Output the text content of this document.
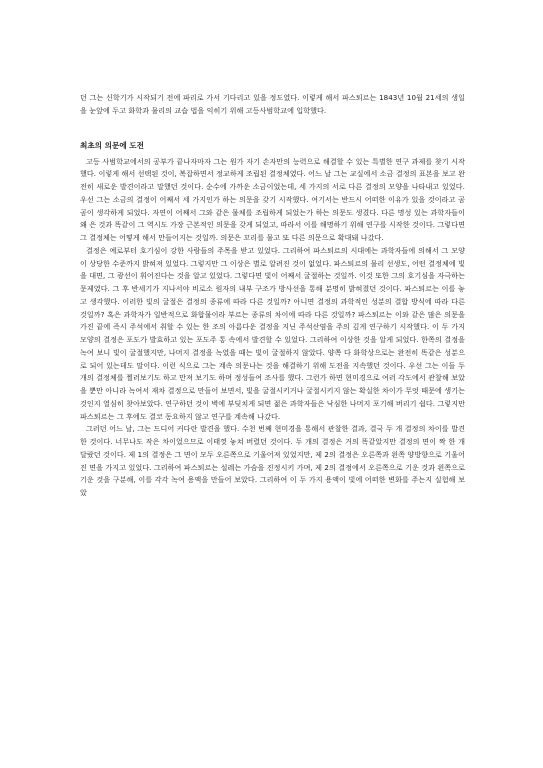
던 그는 신학기가 시작되기 전에 파리로 가서 기다리고 있을 정도였다. 이렇게 해서 파스퇴르는 1843년 10월 21세의 생일을 눈앞에 두고 화학과 물리의 교습 법을 익히기 위해 고등사범학교에 입학했다.

최초의 의문에 도전

고등 사범학교에서의 공부가 끝나자마자 그는 원가 자기 손자만의 능력으로 해결할 수 있는 특별한 연구 과제를 찾기 시작했다. 이렇게 해서 선택된 것이, 복잡하면서 정교하게 조립된 결정체였다. 어느 날 그는 교실에서 소금 결정의 표본을 보고 완전히 새로운 발견이라고 말했던 것이다. 순수에 가까운 소금이었는데, 세 가지의 서로 다른 결정의 모양을 나타내고 있었다. 우선 그는 소금의 결정이 어째서 세 가지인가 하는 의문을 갖기 시작했다. 여기서는 반드시 어떠한 이유가 있을 것이라고 곰곰이 생각하게 되었다. 자연이 어째서 그와 같은 물체를 조립하게 되었는가 하는 의문도 생겼다. 다른 명성 있는 과학자들이 왜 은 것과 똑같이 그 역시도 가장 근본적인 의문을 갖게 되었고, 따라서 이를 해명하기 위해 연구를 시작한 것이다. 그렇다면 그 결정체는 어떻게 해서 만들어지는 것일까. 의문은 꼬리를 물고 또 다른 의문으로 확대돼 나갔다.

결정은 예로부터 호기심이 강한 사람들의 주목을 받고 있었다. 그리하여 파스퇴르의 시대에는 과학자들에 의해서 그 모양이 상당한 수준까지 밝혀져 있었다. 그렇지만 그 이상은 별로 알려진 것이 없었다. 파스퇴르의 물리 선생도, 어떤 결정체에 빛을 대면, 그 광선이 휘어진다는 것을 알고 있었다. 그렇다면 빛이 어째서 굴절하는 것일까. 이것 또한 그의 호기심을 자극하는 문제였다. 그 후 반세기가 지나서야 비로소 원자의 내부 구조가 방사선을 통해 분명히 밝혀졌던 것이다. 파스퇴르는 이를 놓고 생각했다. 이러한 빛의 굴절은 결정의 종류에 따라 다른 것일까? 아니면 결정의 과학적인 성분의 결합 방식에 따라 다른 것일까? 혹은 과학자가 일반적으로 화합물이라 부르는 종류의 차이에 따라 다른 것일까? 파스퇴르는 이와 같은 많은 의문을 가진 끝에 즉시 주석에서 취할 수 있는 한 조의 아름다운 결정을 지닌 주석산염을 주의 깊게 연구하기 시작했다. 이 두 가지 모양의 결정은 포도가 발효하고 있는 포도주 통 속에서 발견할 수 있었다. 그리하여 이상한 것을 알게 되었다. 한쪽의 결정을 녹여 보니 빛이 굴절했지만, 나머지 결정을 녹였을 때는 빛이 굴절하지 않았다. 양쪽 다 화학상으로는 완전히 똑같은 성분으로 되어 있는데도 말이다. 이런 식으로 그는 계속 의문나는 것을 해결하기 위해 도전을 지속했던 것이다. 우선 그는 이들 두 개의 결정체를 찔러보기도 하고 만져 보기도 하며 정성들여 조사를 했다. 그런가 하면 현미경으로 여러 각도에서 관찰해 보았을 뿐만 아니라 녹여서 재차 결정으로 만들어 보면서, 빛을 굴절시키거나 굴절시키지 않는 확실한 차이가 무엇 때문에 생기는 것인지 열심히 찾아보았다. 연구하던 것이 벽에 부딪치게 되면 젊은 과학자들은 낙심한 나머지 포기해 버리기 쉽다. 그렇지만 파스퇴르는 그 후에도 결코 동요하지 않고 연구를 계속해 나갔다.

그러던 어느 날, 그는 드디어 커다란 발견을 했다. 수천 번째 현미경을 통해서 관찰한 결과, 결국 두 개 결정의 차이를 발견한 것이다. 너무나도 작은 차이었으므로 이태껏 놓쳐 버렸던 것이다. 두 개의 결정은 거의 똑같았지만 결정의 면이 짝 한 개 달랐던 것이다. 제 1의 결정은 그 면이 모두 오른쪽으로 기울어져 있었지만, 제 2의 결정은 오른쪽과 왼쪽 양방향으로 기울어진 면을 가지고 있었다. 그리하여 파스퇴르는 설레는 가슴을 진정시키 가며, 제 2의 결정에서 오른쪽으로 기운 것과 왼쪽으로 기운 것을 구분해, 이를 각각 녹여 용액을 만들어 보았다. 그리하여 이 두 가지 용액이 빛에 어떠한 변화를 주는지 실험해 보았
